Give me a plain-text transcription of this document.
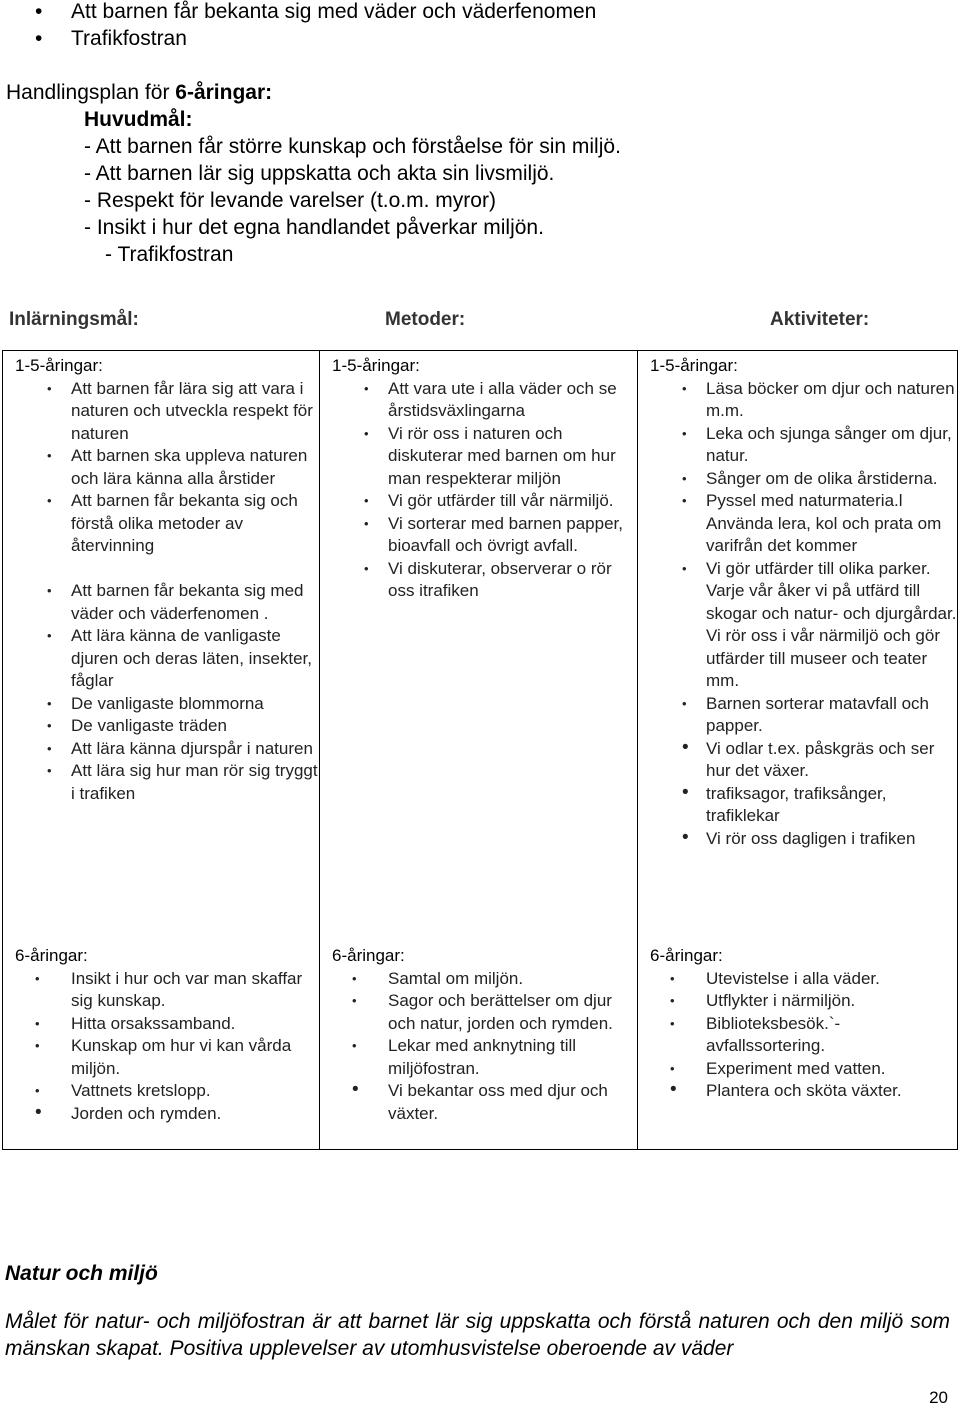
• Att barnen får bekanta sig med väder och väderfenomen
• Trafikfostran
Handlingsplan för 6-åringar:
Huvudmål:
- Att barnen får större kunskap och förståelse för sin miljö.
- Att barnen lär sig uppskatta och akta sin livsmiljö.
- Respekt för levande varelser (t.o.m. myror)
- Insikt i hur det egna handlandet påverkar miljön.
- Trafikfostran
Inlärningsmål:	Metoder:	Aktiviteter:
1-5-åringar:
• Att barnen får lära sig att vara i naturen och utveckla respekt för naturen
• Att barnen ska uppleva naturen och lära känna alla årstider
• Att barnen får bekanta sig och förstå olika metoder av återvinning
• Att barnen får bekanta sig med väder och väderfenomen .
• Att lära känna de vanligaste djuren och deras läten, insekter, fåglar
• De vanligaste blommorna
• De vanligaste träden
• Att lära känna djurspår i naturen
• Att lära sig hur man rör sig tryggt i trafiken
6-åringar:
• Insikt i hur och var man skaffar sig kunskap.
• Hitta orsakssamband.
• Kunskap om hur vi kan vårda miljön.
• Vattnets kretslopp.
• Jorden och rymden.
1-5-åringar:
• Att vara ute i alla väder och se årstidsväxlingarna
• Vi rör oss i naturen och diskuterar med barnen om hur man respekterar miljön
• Vi gör utfärder till vår närmiljö.
• Vi sorterar med barnen papper, bioavfall och övrigt avfall.
• Vi diskuterar, observerar o rör oss itrafiken
6-åringar:
• Samtal om miljön.
• Sagor och berättelser om djur och natur, jorden och rymden.
• Lekar med anknytning till miljöfostran.
• Vi bekantar oss med djur och växter.
1-5-åringar:
• Läsa böcker om djur och naturen m.m.
• Leka och sjunga sånger om djur, natur.
• Sånger om de olika årstiderna.
• Pyssel med naturmateria.l Använda lera, kol och prata om varifrån det kommer
• Vi gör utfärder till olika parker. Varje vår åker vi på utfärd till skogar och natur- och djurgårdar. Vi rör oss i vår närmiljö och gör utfärder till museer och teater mm.
• Barnen sorterar matavfall och papper.
• Vi odlar t.ex. påskgräs och ser hur det växer.
• trafiksagor, trafiksånger, trafiklekar
• Vi rör oss dagligen i trafiken
6-åringar:
• Utevistelse i alla väder.
• Utflykter i närmiljön.
• Biblioteksbesök.`- avfallssortering.
• Experiment med vatten.
• Plantera och sköta växter.
Natur och miljö
Målet för natur- och miljöfostran är att barnet lär sig uppskatta och förstå naturen och den miljö som mänskan skapat. Positiva upplevelser av utomhusvistelse oberoende av väder
20
